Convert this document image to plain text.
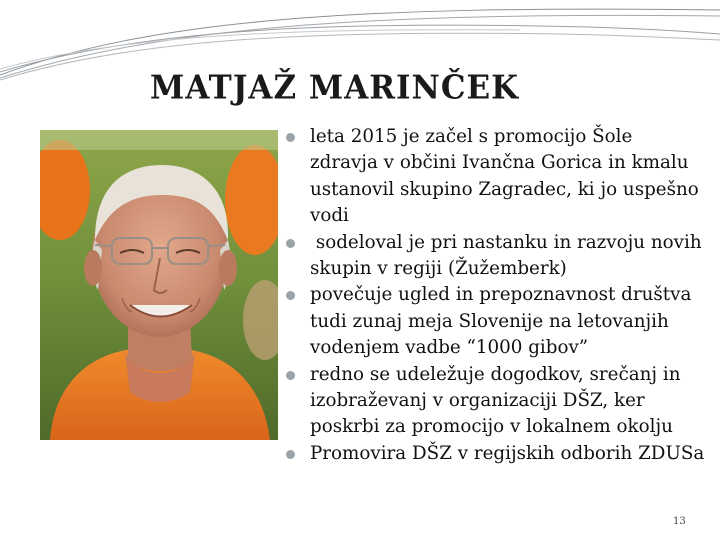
MATJAŽ MARINČEK
leta 2015 je začel s promocijo Šole zdravja v občini Ivančna Gorica in kmalu ustanovil skupino Zagradec, ki jo uspešno vodi
sodeloval je pri nastanku in razvoju novih skupin v regiji (Žužemberk)
povečuje ugled in prepoznavnost društva tudi zunaj meja Slovenije na letovanjih vodenjem vadbe “1000 gibov”
redno se udeležuje dogodkov, srečanj in izobraževanj v organizaciji DŠZ, ker poskrbi za promocijo v lokalnem okolju
Promovira DŠZ v regijskih odborih ZDUSa
13
